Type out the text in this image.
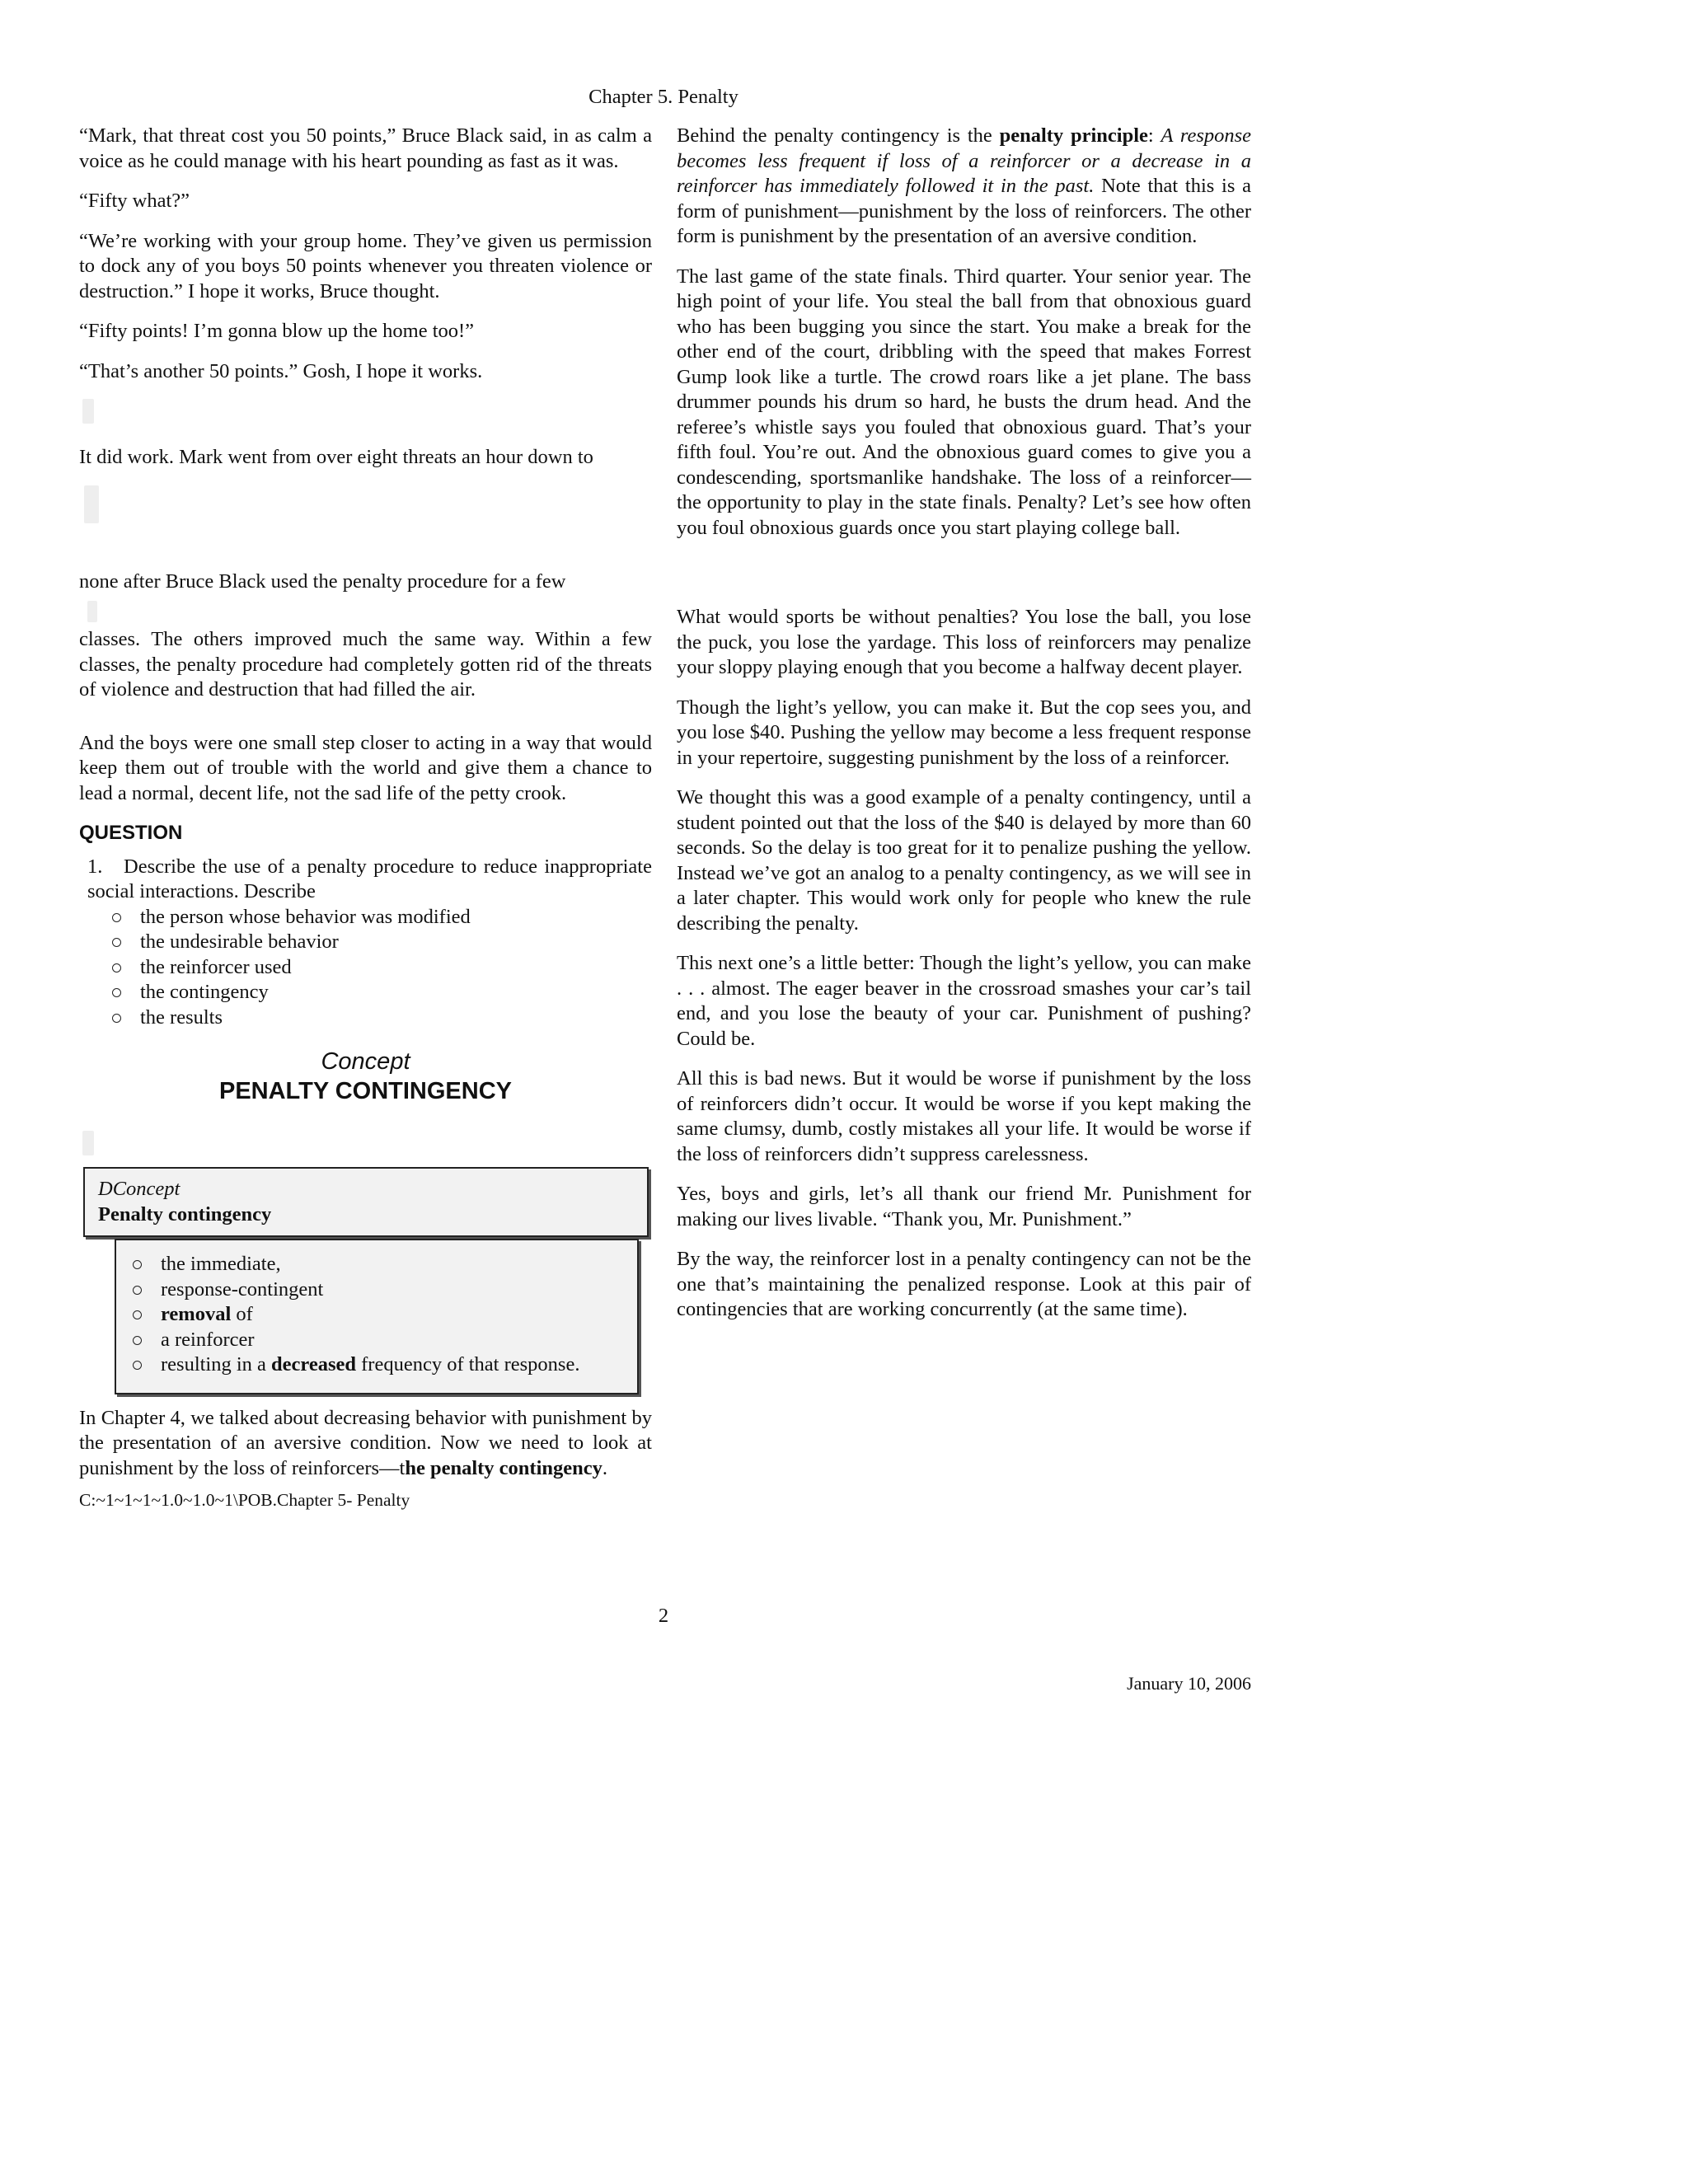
Chapter 5. Penalty

“Mark, that threat cost you 50 points,” Bruce Black said, in as calm a voice as he could manage with his heart pounding as fast as it was.

“Fifty what?”

“We’re working with your group home. They’ve given us permission to dock any of you boys 50 points whenever you threaten violence or destruction.” I hope it works, Bruce thought.

“Fifty points! I’m gonna blow up the home too!”

“That’s another 50 points.” Gosh, I hope it works.

It did work. Mark went from over eight threats an hour down to

none after Bruce Black used the penalty procedure for a few

classes. The others improved much the same way. Within a few classes, the penalty procedure had completely gotten rid of the threats of violence and destruction that had filled the air.

And the boys were one small step closer to acting in a way that would keep them out of trouble with the world and give them a chance to lead a normal, decent life, not the sad life of the petty crook.

QUESTION
1. Describe the use of a penalty procedure to reduce inappropriate social interactions. Describe
the person whose behavior was modified
the undesirable behavior
the reinforcer used
the contingency
the results
Concept
PENALTY CONTINGENCY
DConcept
Penalty contingency
the immediate,
response-contingent
removal of
a reinforcer
resulting in a decreased frequency of that response.

In Chapter 4, we talked about decreasing behavior with punishment by the presentation of an aversive condition. Now we need to look at punishment by the loss of reinforcers—the penalty contingency.

C:~1~1~1~1.0~1.0~1\POB.Chapter 5- Penalty

Behind the penalty contingency is the penalty principle: A response becomes less frequent if loss of a reinforcer or a decrease in a reinforcer has immediately followed it in the past. Note that this is a form of punishment—punishment by the loss of reinforcers. The other form is punishment by the presentation of an aversive condition.

The last game of the state finals. Third quarter. Your senior year. The high point of your life. You steal the ball from that obnoxious guard who has been bugging you since the start. You make a break for the other end of the court, dribbling with the speed that makes Forrest Gump look like a turtle. The crowd roars like a jet plane. The bass drummer pounds his drum so hard, he busts the drum head. And the referee’s whistle says you fouled that obnoxious guard. That’s your fifth foul. You’re out. And the obnoxious guard comes to give you a condescending, sportsmanlike handshake. The loss of a reinforcer—the opportunity to play in the state finals. Penalty? Let’s see how often you foul obnoxious guards once you start playing college ball.

What would sports be without penalties? You lose the ball, you lose the puck, you lose the yardage. This loss of reinforcers may penalize your sloppy playing enough that you become a halfway decent player.

Though the light’s yellow, you can make it. But the cop sees you, and you lose $40. Pushing the yellow may become a less frequent response in your repertoire, suggesting punishment by the loss of a reinforcer.

We thought this was a good example of a penalty contingency, until a student pointed out that the loss of the $40 is delayed by more than 60 seconds. So the delay is too great for it to penalize pushing the yellow. Instead we’ve got an analog to a penalty contingency, as we will see in a later chapter. This would work only for people who knew the rule describing the penalty.

This next one’s a little better: Though the light’s yellow, you can make . . . almost. The eager beaver in the crossroad smashes your car’s tail end, and you lose the beauty of your car. Punishment of pushing? Could be.

All this is bad news. But it would be worse if punishment by the loss of reinforcers didn’t occur. It would be worse if you kept making the same clumsy, dumb, costly mistakes all your life. It would be worse if the loss of reinforcers didn’t suppress carelessness.

Yes, boys and girls, let’s all thank our friend Mr. Punishment for making our lives livable. “Thank you, Mr. Punishment.”

By the way, the reinforcer lost in a penalty contingency can not be the one that’s maintaining the penalized response. Look at this pair of contingencies that are working concurrently (at the same time).

2
January 10, 2006
